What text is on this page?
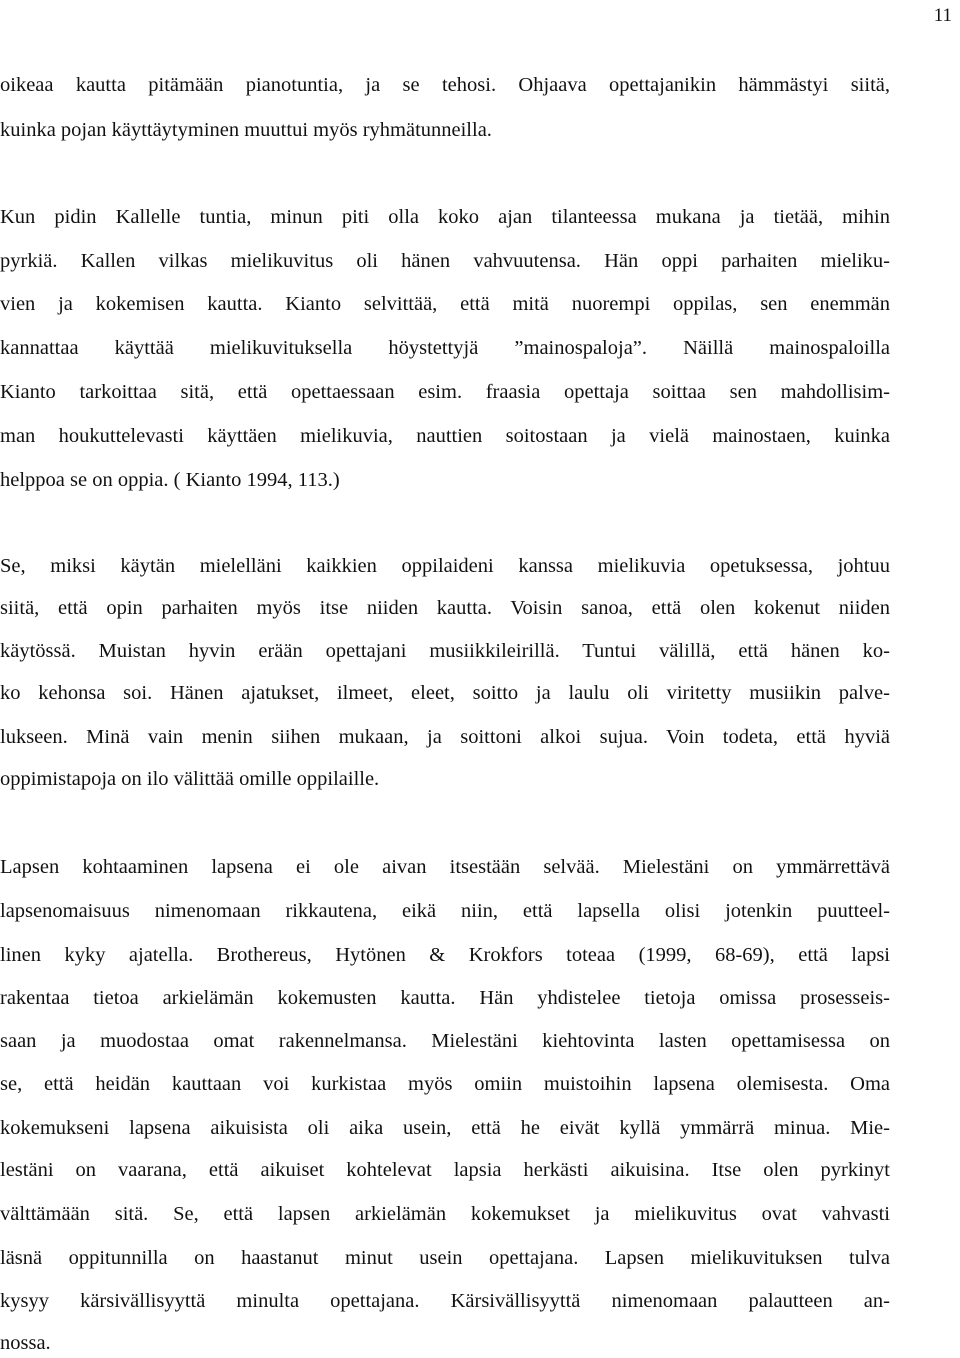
11
oikeaa kautta pitämään pianotuntia, ja se tehosi. Ohjaava opettajanikin hämmästyi siitä,
kuinka pojan käyttäytyminen muuttui myös ryhmätunneilla.
Kun pidin Kallelle tuntia, minun piti olla koko ajan tilanteessa mukana ja tietää, mihin
pyrkiä. Kallen vilkas mielikuvitus oli hänen vahvuutensa. Hän oppi parhaiten mieliku-
vien ja kokemisen kautta. Kianto selvittää, että mitä nuorempi oppilas, sen enemmän
kannattaa käyttää mielikuvituksella höystettyjä ”mainospaloja”. Näillä mainospaloilla
Kianto tarkoittaa sitä, että opettaessaan esim. fraasia opettaja soittaa sen mahdollisim-
man houkuttelevasti käyttäen mielikuvia, nauttien soitostaan ja vielä mainostaen, kuinka
helppoa se on oppia. ( Kianto 1994, 113.)
Se, miksi käytän mielelläni kaikkien oppilaideni kanssa mielikuvia opetuksessa, johtuu
siitä, että opin parhaiten myös itse niiden kautta. Voisin sanoa, että olen kokenut niiden
käytössä. Muistan hyvin erään opettajani musiikkileirillä. Tuntui välillä, että hänen ko-
ko kehonsa soi. Hänen ajatukset, ilmeet, eleet, soitto ja laulu oli viritetty musiikin palve-
lukseen. Minä vain menin siihen mukaan, ja soittoni alkoi sujua. Voin todeta, että hyviä
oppimistapoja on ilo välittää omille oppilaille.
Lapsen kohtaaminen lapsena ei ole aivan itsestään selvää. Mielestäni on ymmärrettävä
lapsenomaisuus nimenomaan rikkautena, eikä niin, että lapsella olisi jotenkin puutteel-
linen kyky ajatella. Brothereus, Hytönen & Krokfors toteaa (1999, 68-69), että lapsi
rakentaa tietoa arkielämän kokemusten kautta. Hän yhdistelee tietoja omissa prosesseis-
saan ja muodostaa omat rakennelmansa. Mielestäni kiehtovinta lasten opettamisessa on
se, että heidän kauttaan voi kurkistaa myös omiin muistoihin lapsena olemisesta. Oma
kokemukseni lapsena aikuisista oli aika usein, että he eivät kyllä ymmärrä minua. Mie-
lestäni on vaarana, että aikuiset kohtelevat lapsia herkästi aikuisina. Itse olen pyrkinyt
välttämään sitä. Se, että lapsen arkielämän kokemukset ja mielikuvitus ovat vahvasti
läsnä oppitunnilla on haastanut minut usein opettajana. Lapsen mielikuvituksen tulva
kysyy kärsivällisyyttä minulta opettajana. Kärsivällisyyttä nimenomaan palautteen an-
nossa.
